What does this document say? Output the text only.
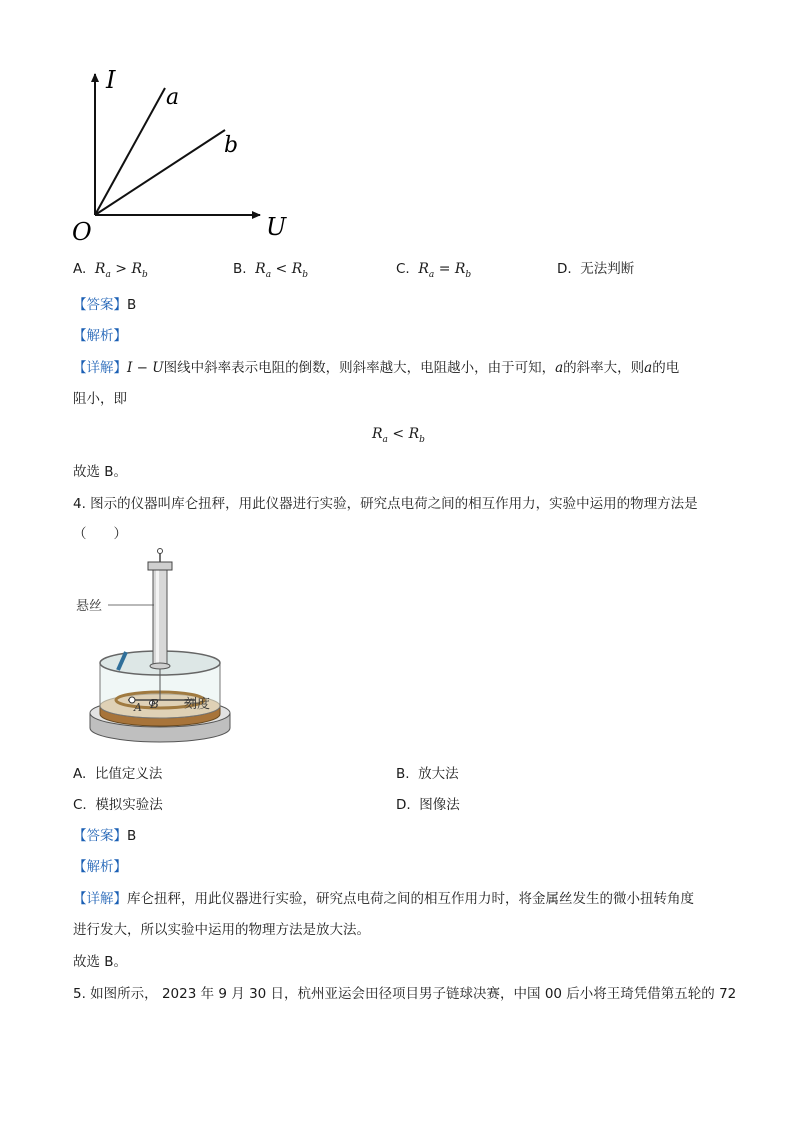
I
U
O
a
b
A. $R_a > R_b$	B. $R_a < R_b$	C. $R_a = R_b$	D. 无法判断
【答案】B
【解析】
【详解】I − U图线中斜率表示电阻的倒数，则斜率越大，电阻越小，由于可知，a的斜率大，则a的电
阻小，即
$R_a < R_b$
故选 B。
4. 图示的仪器叫库仑扭秤，用此仪器进行实验，研究点电荷之间的相互作用力，实验中运用的物理方法是
（　　）
悬丝
刻度
A B
A. 比值定义法	B. 放大法
C. 模拟实验法	D. 图像法
【答案】B
【解析】
【详解】库仑扭秤，用此仪器进行实验，研究点电荷之间的相互作用力时，将金属丝发生的微小扭转角度
进行发大，所以实验中运用的物理方法是放大法。
故选 B。
5. 如图所示， 2023 年 9 月 30 日，杭州亚运会田径项目男子链球决赛，中国 00 后小将王琦凭借第五轮的 72
